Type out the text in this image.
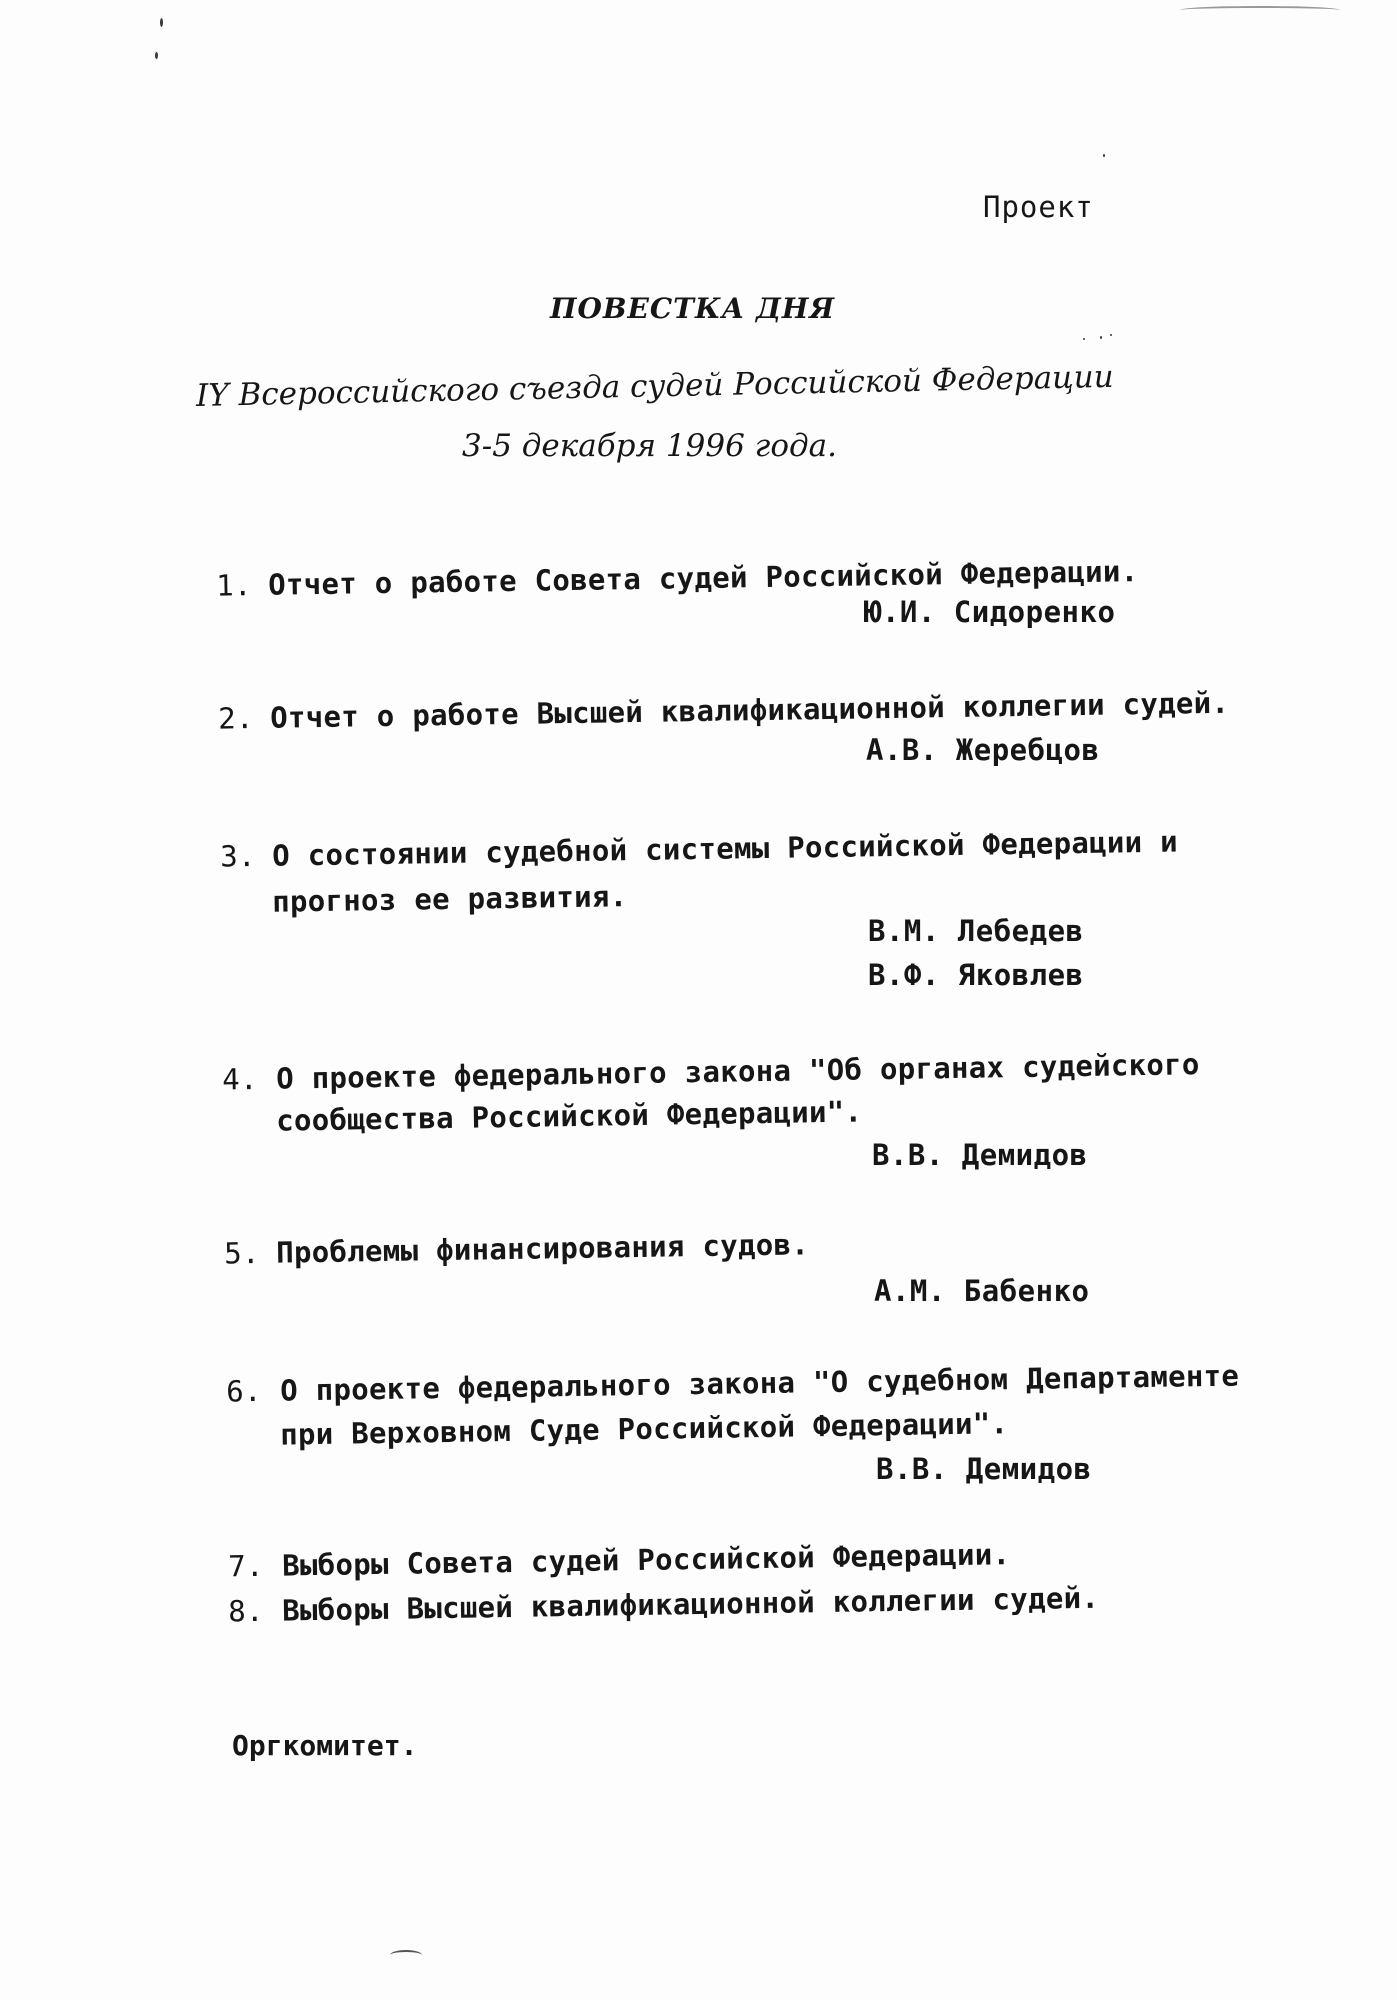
Проект
ПОВЕСТКА ДНЯ
IY Всероссийского съезда судей Российской Федерации
3-5 декабря 1996 года.
1. Отчет о работе Совета судей Российской Федерации.
Ю.И. Сидоренко
2. Отчет о работе Высшей квалификационной коллегии судей.
А.В. Жеребцов
3. О состоянии судебной системы Российской Федерации и
прогноз ее развития.
В.М. Лебедев
В.Ф. Яковлев
4. О проекте федерального закона "Об органах судейского
сообщества Российской Федерации".
В.В. Демидов
5. Проблемы финансирования судов.
А.М. Бабенко
6. О проекте федерального закона "О судебном Департаменте
при Верховном Суде Российской Федерации".
В.В. Демидов
7. Выборы Совета судей Российской Федерации.
8. Выборы Высшей квалификационной коллегии судей.
Оргкомитет.
